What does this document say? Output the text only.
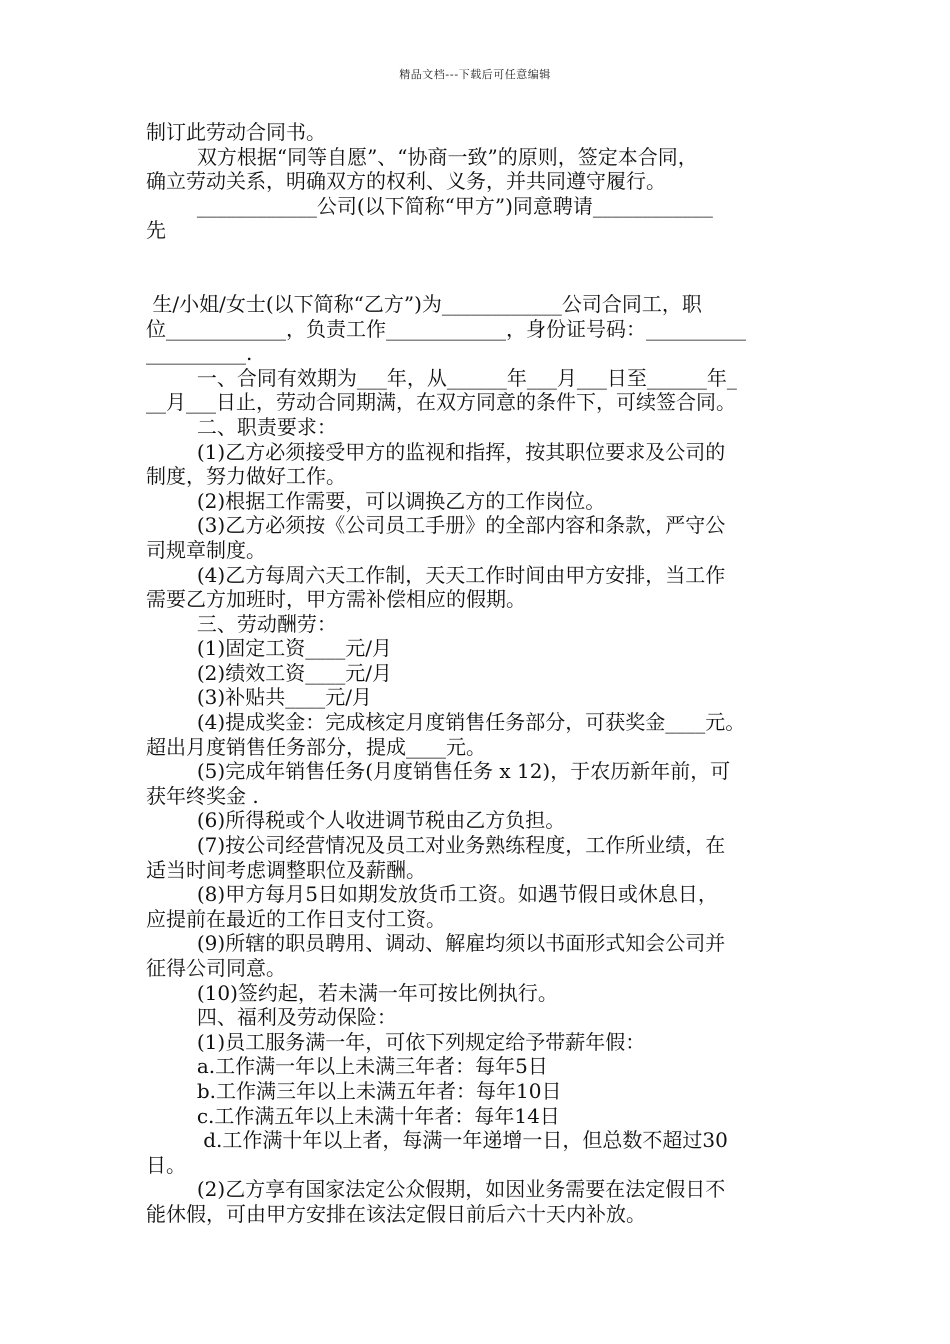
精品文档---下载后可任意编辑
制订此劳动合同书。
双方根据“同等自愿”、“协商一致”的原则，签定本合同，
确立劳动关系，明确双方的权利、义务，并共同遵守履行。
____________公司(以下简称“甲方”)同意聘请____________
先
生/小姐/女士(以下简称“乙方”)为____________公司合同工，职
位____________，负责工作____________，身份证号码：__________
__________.
一、合同有效期为___年，从______年___月___日至______年_
__月___日止，劳动合同期满，在双方同意的条件下，可续签合同。
二、职责要求：
(1)乙方必须接受甲方的监视和指挥，按其职位要求及公司的
制度，努力做好工作。
(2)根据工作需要，可以调换乙方的工作岗位。
(3)乙方必须按《公司员工手册》的全部内容和条款，严守公
司规章制度。
(4)乙方每周六天工作制，天天工作时间由甲方安排，当工作
需要乙方加班时，甲方需补偿相应的假期。
三、劳动酬劳：
(1)固定工资____元/月
(2)绩效工资____元/月
(3)补贴共____元/月
(4)提成奖金：完成核定月度销售任务部分，可获奖金____元。
超出月度销售任务部分，提成____元。
(5)完成年销售任务(月度销售任务 x 12)，于农历新年前，可
获年终奖金 .
(6)所得税或个人收进调节税由乙方负担。
(7)按公司经营情况及员工对业务熟练程度，工作所业绩，在
适当时间考虑调整职位及薪酬。
(8)甲方每月5日如期发放货币工资。如遇节假日或休息日，
应提前在最近的工作日支付工资。
(9)所辖的职员聘用、调动、解雇均须以书面形式知会公司并
征得公司同意。
(10)签约起，若未满一年可按比例执行。
四、福利及劳动保险：
(1)员工服务满一年，可依下列规定给予带薪年假：
a.工作满一年以上未满三年者：每年5日
b.工作满三年以上未满五年者：每年10日
c.工作满五年以上未满十年者：每年14日
d.工作满十年以上者，每满一年递增一日，但总数不超过30
日。
(2)乙方享有国家法定公众假期，如因业务需要在法定假日不
能休假，可由甲方安排在该法定假日前后六十天内补放。
